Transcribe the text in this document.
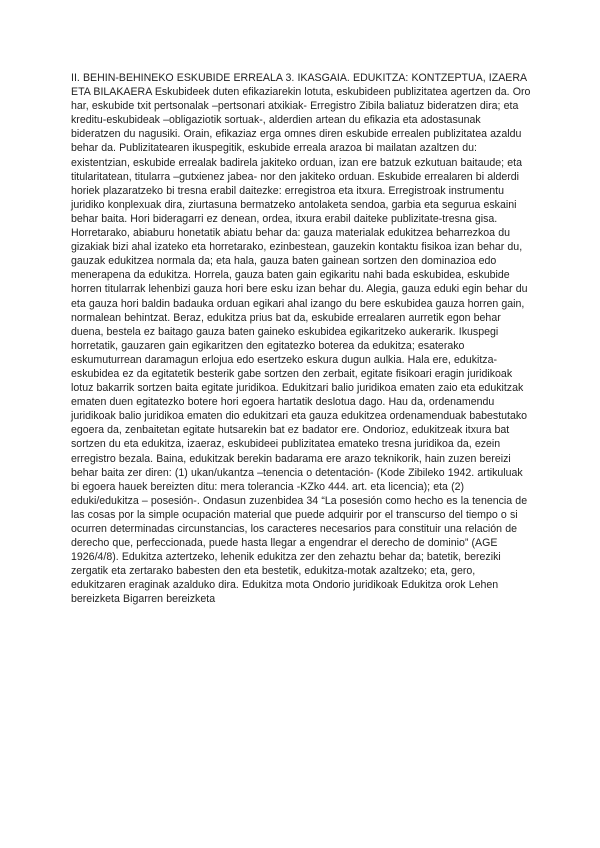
II. BEHIN-BEHINEKO ESKUBIDE ERREALA 3. IKASGAIA. EDUKITZA: KONTZEPTUA, IZAERA ETA BILAKAERA Eskubideek duten efikaziarekin lotuta, eskubideen publizitatea agertzen da. Oro har, eskubide txit pertsonalak –pertsonari atxikiak- Erregistro Zibila baliatuz bideratzen dira; eta kreditu-eskubideak –obligaziotik sortuak-, alderdien artean du efikazia eta adostasunak bideratzen du nagusiki. Orain, efikaziaz erga omnes diren eskubide errealen publizitatea azaldu behar da. Publizitatearen ikuspegitik, eskubide erreala arazoa bi mailatan azaltzen du: existentzian, eskubide errealak badirela jakiteko orduan, izan ere batzuk ezkutuan baitaude; eta titularitatean, titularra –gutxienez jabea- nor den jakiteko orduan. Eskubide errealaren bi alderdi horiek plazaratzeko bi tresna erabil daitezke: erregistroa eta itxura. Erregistroak instrumentu juridiko konplexuak dira, ziurtasuna bermatzeko antolaketa sendoa, garbia eta segurua eskaini behar baita. Hori bideragarri ez denean, ordea, itxura erabil daiteke publizitate-tresna gisa. Horretarako, abiaburu honetatik abiatu behar da: gauza materialak edukitzea beharrezkoa du gizakiak bizi ahal izateko eta horretarako, ezinbestean, gauzekin kontaktu fisikoa izan behar du, gauzak edukitzea normala da; eta hala, gauza baten gainean sortzen den dominazioa edo menerapena da edukitza. Horrela, gauza baten gain egikaritu nahi bada eskubidea, eskubide horren titularrak lehenbizi gauza hori bere esku izan behar du. Alegia, gauza eduki egin behar du eta gauza hori baldin badauka orduan egikari ahal izango du bere eskubidea gauza horren gain, normalean behintzat. Beraz, edukitza prius bat da, eskubide errealaren aurretik egon behar duena, bestela ez baitago gauza baten gaineko eskubidea egikaritzeko aukerarik. Ikuspegi horretatik, gauzaren gain egikaritzen den egitatezko boterea da edukitza; esaterako eskumuturrean daramagun erlojua edo esertzeko eskura dugun aulkia. Hala ere, edukitza-eskubidea ez da egitatetik besterik gabe sortzen den zerbait, egitate fisikoari eragin juridikoak lotuz bakarrik sortzen baita egitate juridikoa. Edukitzari balio juridikoa ematen zaio eta edukitzak ematen duen egitatezko botere hori egoera hartatik deslotua dago. Hau da, ordenamendu juridikoak balio juridikoa ematen dio edukitzari eta gauza edukitzea ordenamenduak babestutako egoera da, zenbaitetan egitate hutsarekin bat ez badator ere. Ondorioz, edukitzeak itxura bat sortzen du eta edukitza, izaeraz, eskubideei publizitatea emateko tresna juridikoa da, ezein erregistro bezala. Baina, edukitzak berekin badarama ere arazo teknikorik, hain zuzen bereizi behar baita zer diren: (1) ukan/ukantza –tenencia o detentación- (Kode Zibileko 1942. artikuluak bi egoera hauek bereizten ditu: mera tolerancia -KZko 444. art. eta licencia); eta (2) eduki/edukitza – posesión-. Ondasun zuzenbidea 34 “La posesión como hecho es la tenencia de las cosas por la simple ocupación material que puede adquirir por el transcurso del tiempo o si ocurren determinadas circunstancias, los caracteres necesarios para constituir una relación de derecho que, perfeccionada, puede hasta llegar a engendrar el derecho de dominio” (AGE 1926/4/8). Edukitza aztertzeko, lehenik edukitza zer den zehaztu behar da; batetik, bereziki zergatik eta zertarako babesten den eta bestetik, edukitza-motak azaltzeko; eta, gero, edukitzaren eraginak azalduko dira. Edukitza mota Ondorio juridikoak Edukitza orok Lehen bereizketa Bigarren bereizketa
